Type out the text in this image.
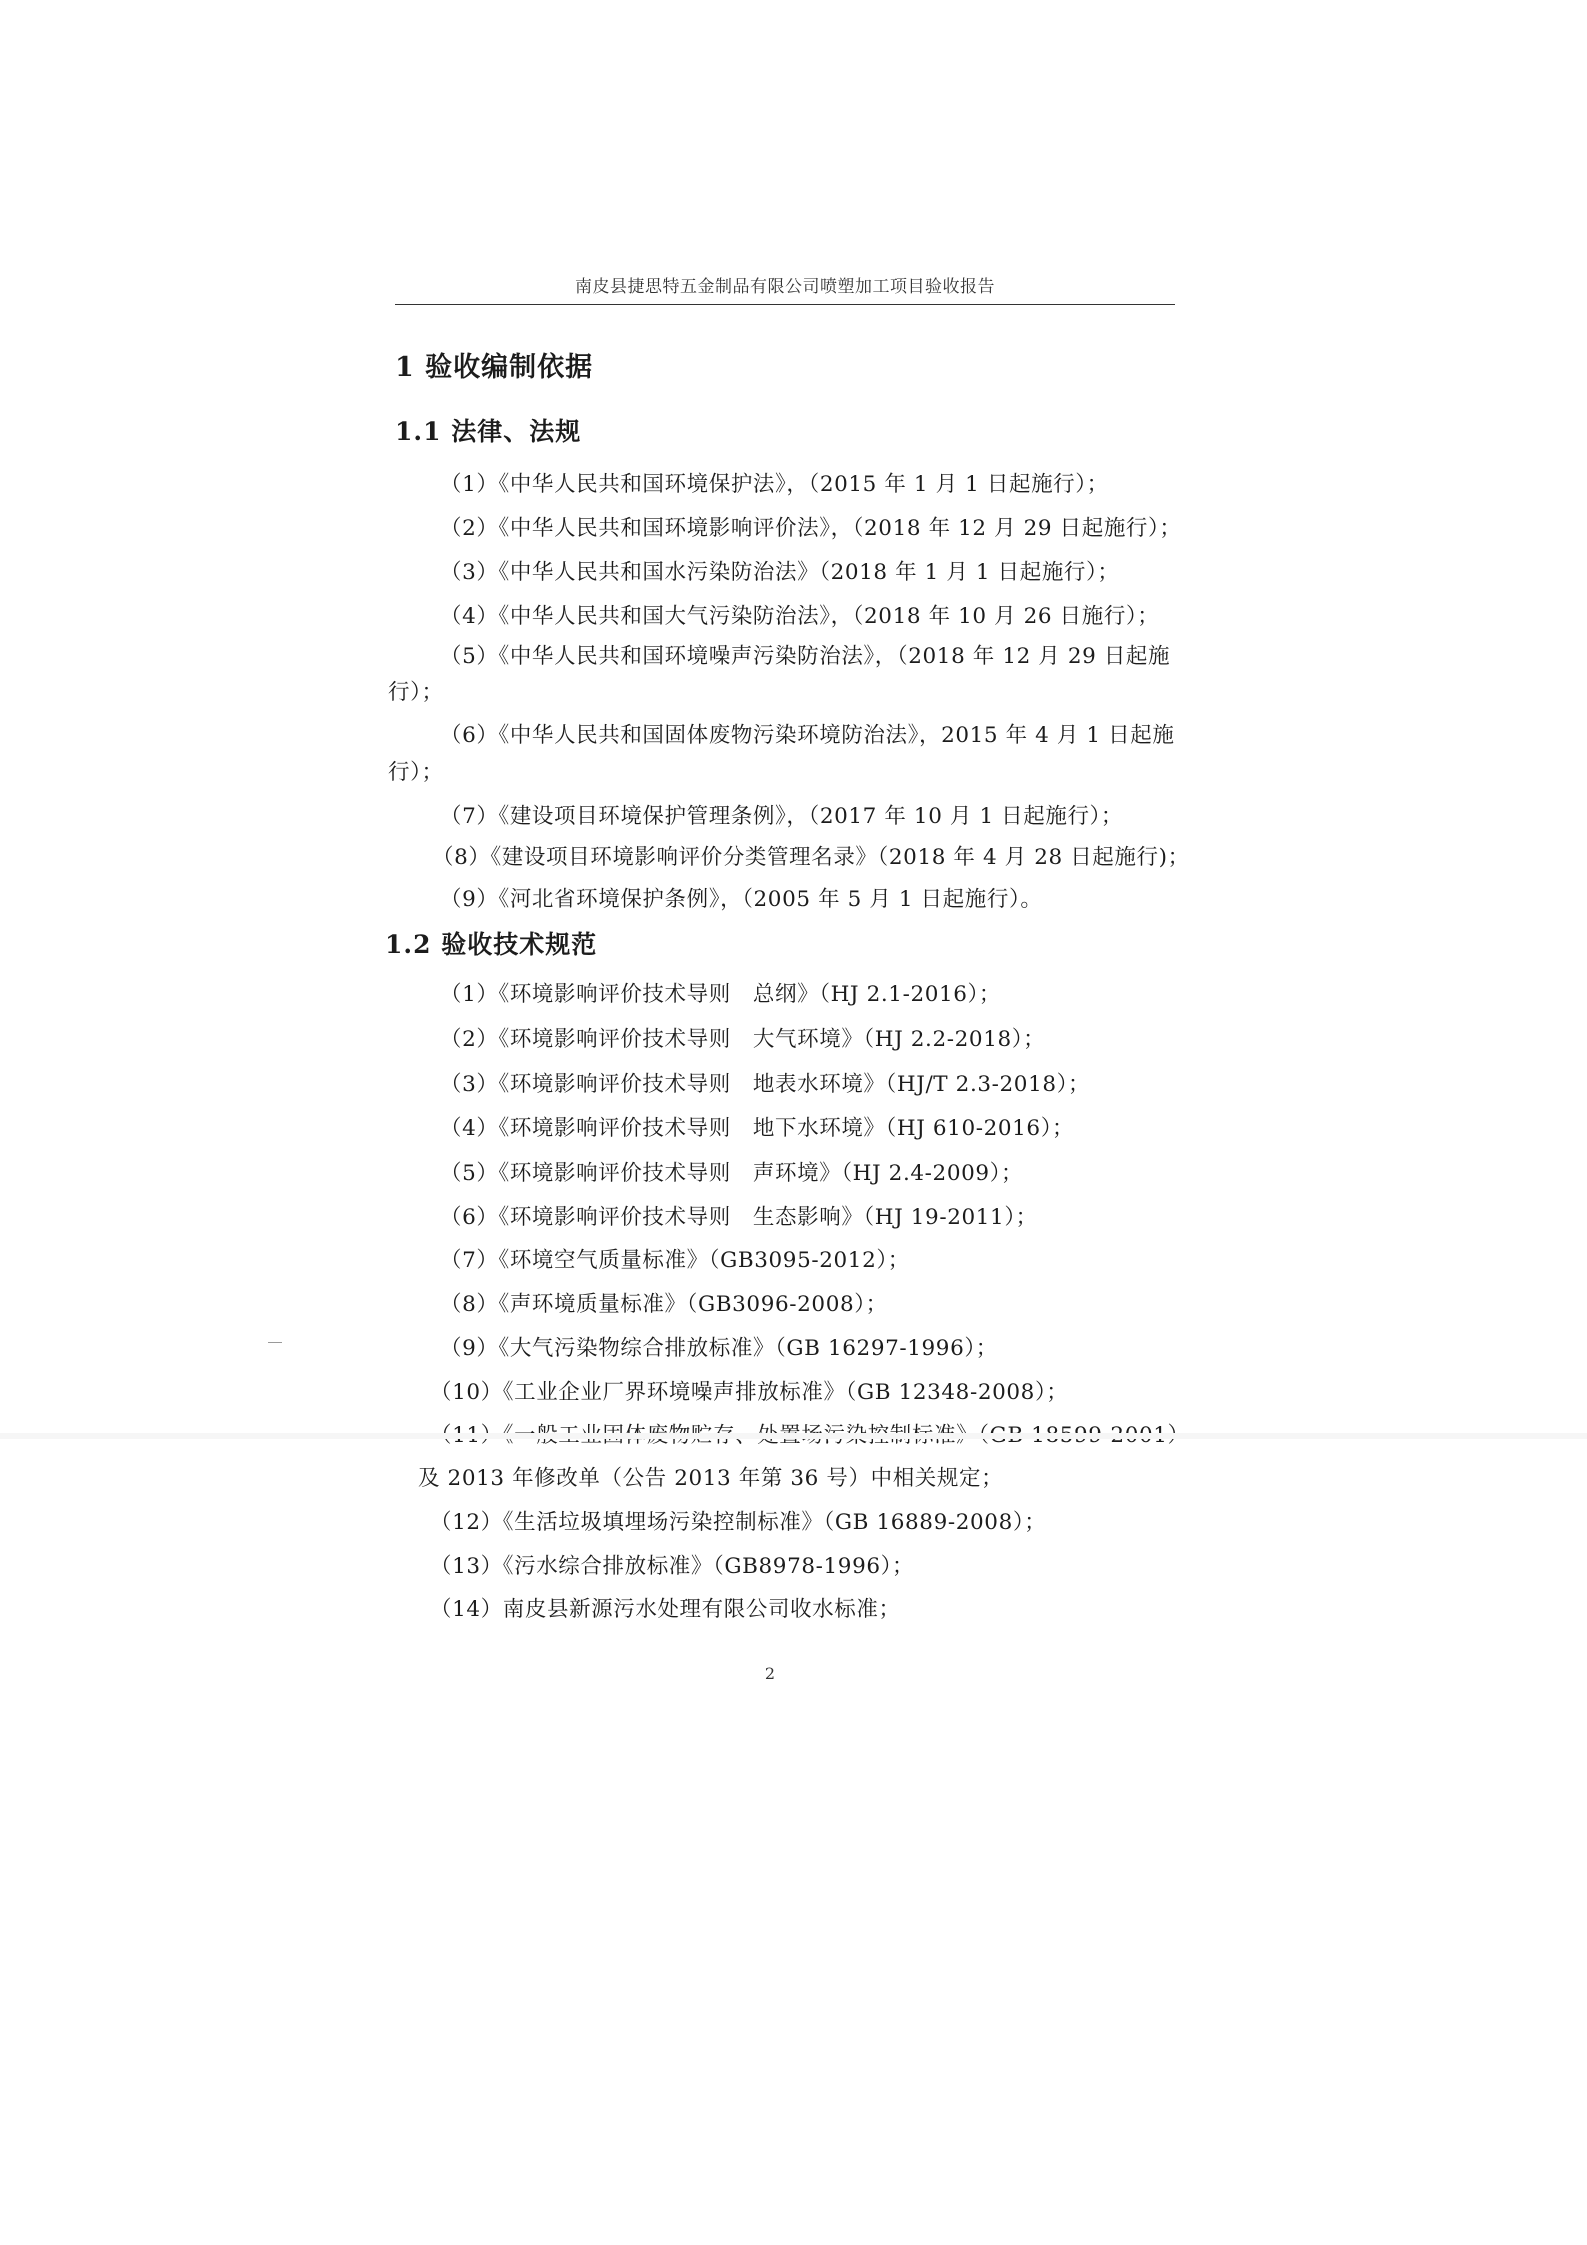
南皮县捷思特五金制品有限公司喷塑加工项目验收报告
1 验收编制依据
1.1 法律、法规
（1）《中华人民共和国环境保护法》，（2015 年 1 月 1 日起施行）；
（2）《中华人民共和国环境影响评价法》，（2018 年 12 月 29 日起施行）；
（3）《中华人民共和国水污染防治法》（2018 年 1 月 1 日起施行）；
（4）《中华人民共和国大气污染防治法》，（2018 年 10 月 26 日施行）；
（5）《中华人民共和国环境噪声污染防治法》，（2018 年 12 月 29 日起施
行）；
（6）《中华人民共和国固体废物污染环境防治法》，2015 年 4 月 1 日起施
行）；
（7）《建设项目环境保护管理条例》，（2017 年 10 月 1 日起施行）；
（8）《建设项目环境影响评价分类管理名录》（2018 年 4 月 28 日起施行)；
（9）《河北省环境保护条例》，（2005 年 5 月 1 日起施行）。
1.2 验收技术规范
（1）《环境影响评价技术导则　总纲》（HJ 2.1-2016）；
（2）《环境影响评价技术导则　大气环境》（HJ 2.2-2018）；
（3）《环境影响评价技术导则　地表水环境》（HJ/T 2.3-2018）；
（4）《环境影响评价技术导则　地下水环境》（HJ 610-2016）；
（5）《环境影响评价技术导则　声环境》（HJ 2.4-2009）；
（6）《环境影响评价技术导则　生态影响》（HJ 19-2011）；
（7）《环境空气质量标准》（GB3095-2012）；
（8）《声环境质量标准》（GB3096-2008）；
（9）《大气污染物综合排放标准》（GB 16297-1996）；
（10）《工业企业厂界环境噪声排放标准》（GB 12348-2008）；
及 2013 年修改单（公告 2013 年第 36 号）中相关规定；
（12）《生活垃圾填埋场污染控制标准》（GB 16889-2008）；
（13）《污水综合排放标准》（GB8978-1996）；
（14）南皮县新源污水处理有限公司收水标准；
2
